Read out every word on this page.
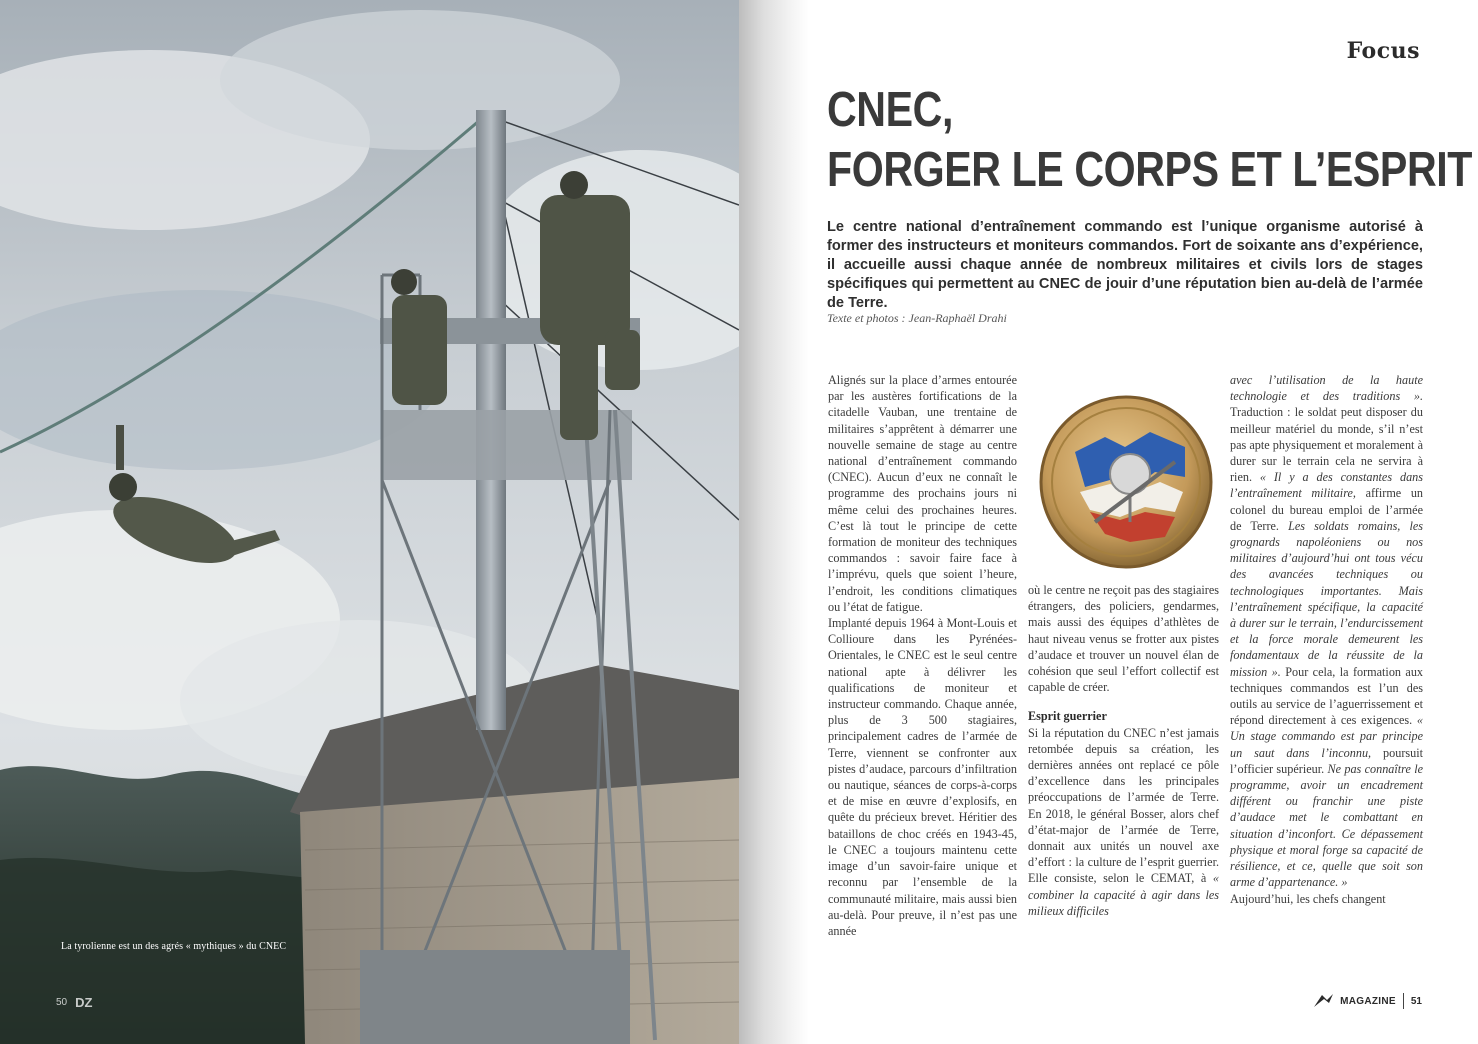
La tyrolienne est un des agrés « mythiques » du CNEC
50 DZ
Focus
CNEC,
FORGER LE CORPS ET L’ESPRIT

Le centre national d’entraînement commando est l’unique organisme autorisé à former des instructeurs et moniteurs commandos. Fort de soixante ans d’expérience, il accueille aussi chaque année de nombreux militaires et civils lors de stages spécifiques qui permettent au CNEC de jouir d’une réputation bien au-delà de l’armée de Terre.

Texte et photos : Jean-Raphaël Drahi

Alignés sur la place d’armes entourée par les austères fortifications de la citadelle Vauban, une trentaine de militaires s’apprêtent à démarrer une nouvelle semaine de stage au centre national d’entraînement commando (CNEC). Aucun d’eux ne connaît le programme des prochains jours ni même celui des prochaines heures. C’est là tout le principe de cette formation de moniteur des techniques commandos : savoir faire face à l’imprévu, quels que soient l’heure, l’endroit, les conditions climatiques ou l’état de fatigue.

Implanté depuis 1964 à Mont-Louis et Collioure dans les Pyrénées-Orientales, le CNEC est le seul centre national apte à délivrer les qualifications de moniteur et instructeur commando. Chaque année, plus de 3 500 stagiaires, principalement cadres de l’armée de Terre, viennent se confronter aux pistes d’audace, parcours d’infiltration ou nautique, séances de corps-à-corps et de mise en œuvre d’explosifs, en quête du précieux brevet. Héritier des bataillons de choc créés en 1943-45, le CNEC a toujours maintenu cette image d’un savoir-faire unique et reconnu par l’ensemble de la communauté militaire, mais aussi bien au-delà. Pour preuve, il n’est pas une année

où le centre ne reçoit pas des stagiaires étrangers, des policiers, gendarmes, mais aussi des équipes d’athlètes de haut niveau venus se frotter aux pistes d’audace et trouver un nouvel élan de cohésion que seul l’effort collectif est capable de créer.

Esprit guerrier

Si la réputation du CNEC n’est jamais retombée depuis sa création, les dernières années ont replacé ce pôle d’excellence dans les principales préoccupations de l’armée de Terre. En 2018, le général Bosser, alors chef d’état-major de l’armée de Terre, donnait aux unités un nouvel axe d’effort : la culture de l’esprit guerrier. Elle consiste, selon le CEMAT, à « combiner la capacité à agir dans les milieux difficiles

avec l’utilisation de la haute technologie et des traditions ». Traduction : le soldat peut disposer du meilleur matériel du monde, s’il n’est pas apte physiquement et moralement à durer sur le terrain cela ne servira à rien. « Il y a des constantes dans l’entraînement militaire, affirme un colonel du bureau emploi de l’armée de Terre. Les soldats romains, les grognards napoléoniens ou nos militaires d’aujourd’hui ont tous vécu des avancées techniques ou technologiques importantes. Mais l’entraînement spécifique, la capacité à durer sur le terrain, l’endurcissement et la force morale demeurent les fondamentaux de la réussite de la mission ». Pour cela, la formation aux techniques commandos est l’un des outils au service de l’aguerrissement et répond directement à ces exigences. « Un stage commando est par principe un saut dans l’inconnu, poursuit l’officier supérieur. Ne pas connaître le programme, avoir un encadrement différent ou franchir une piste d’audace met le combattant en situation d’inconfort. Ce dépassement physique et moral forge sa capacité de résilience, et ce, quelle que soit son arme d’appartenance. »

Aujourd’hui, les chefs changent

MAGAZINE 51
